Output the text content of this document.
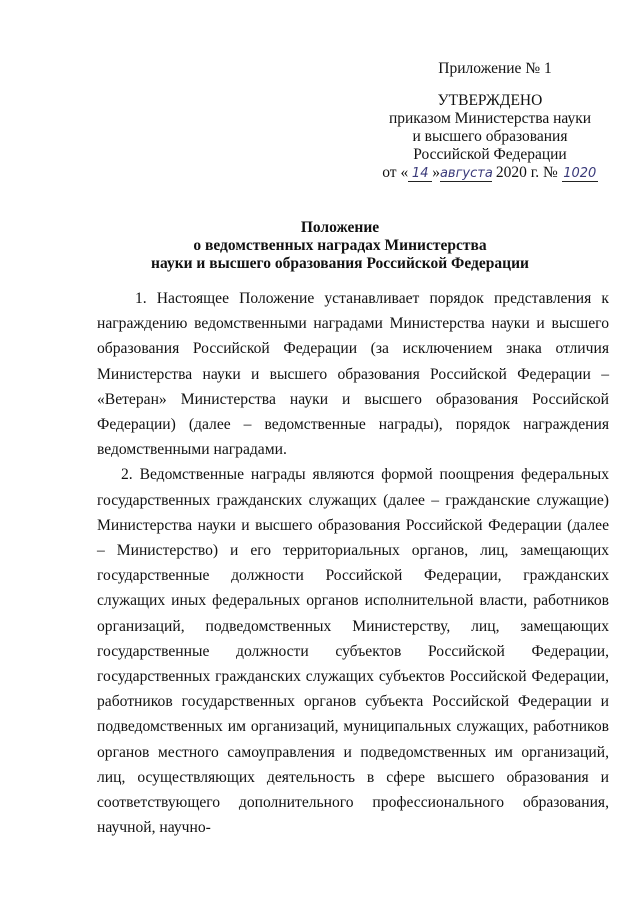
Приложение № 1
УТВЕРЖДЕНО
приказом Министерства науки
и высшего образования
Российской Федерации
от « 14 »августа 2020 г. № 1020
Положение
о ведомственных наградах Министерства
науки и высшего образования Российской Федерации

1. Настоящее Положение устанавливает порядок представления к награждению ведомственными наградами Министерства науки и высшего образования Российской Федерации (за исключением знака отличия Министерства науки и высшего образования Российской Федерации – «Ветеран» Министерства науки и высшего образования Российской Федерации) (далее – ведомственные награды), порядок награждения ведомственными наградами.

2. Ведомственные награды являются формой поощрения федеральных государственных гражданских служащих (далее – гражданские служащие) Министерства науки и высшего образования Российской Федерации (далее – Министерство) и его территориальных органов, лиц, замещающих государственные должности Российской Федерации, гражданских служащих иных федеральных органов исполнительной власти, работников организаций, подведомственных Министерству, лиц, замещающих государственные должности субъектов Российской Федерации, государственных гражданских служащих субъектов Российской Федерации, работников государственных органов субъекта Российской Федерации и подведомственных им организаций, муниципальных служащих, работников органов местного самоуправления и подведомственных им организаций, лиц, осуществляющих деятельность в сфере высшего образования и соответствующего дополнительного профессионального образования, научной, научно-
